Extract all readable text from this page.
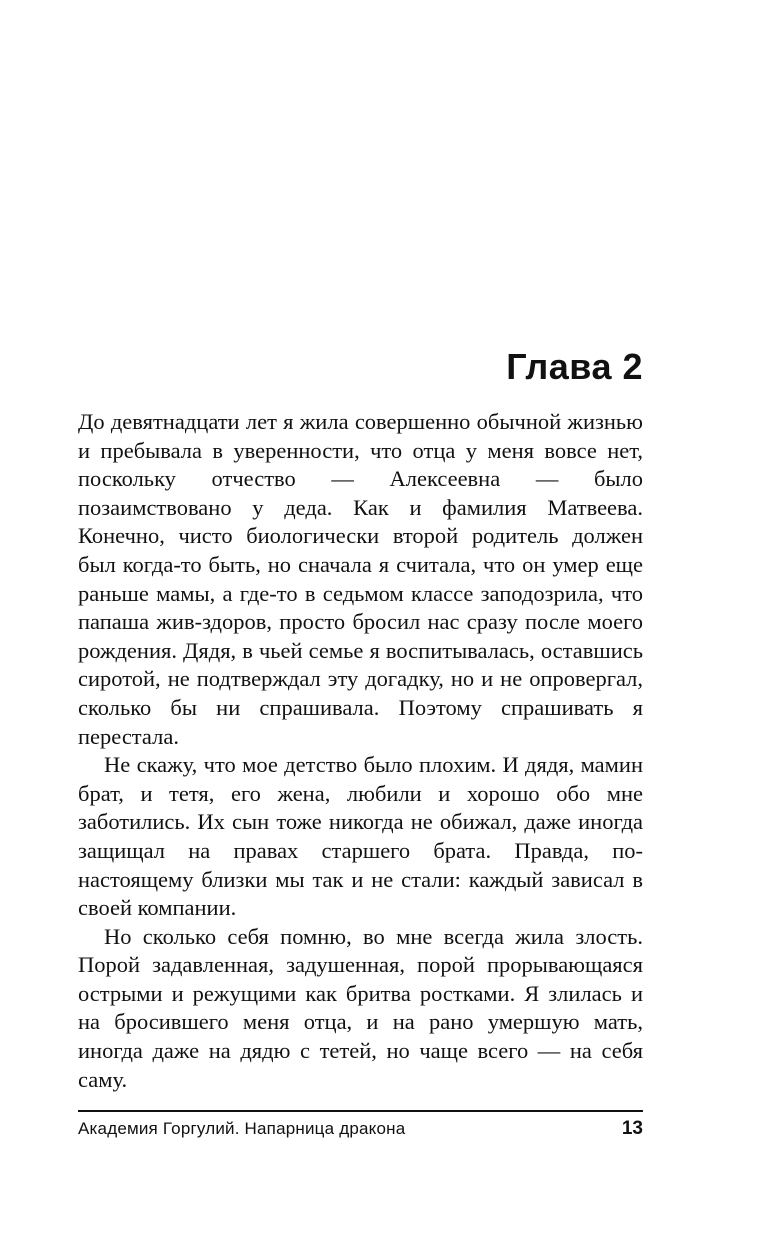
Глава 2

До девятнадцати лет я жила совершенно обычной жизнью и пребывала в уверенности, что отца у меня вовсе нет, поскольку отчество — Алексеевна — было позаимствовано у деда. Как и фамилия Матвеева. Конечно, чисто биологически второй родитель должен был когда-то быть, но сначала я считала, что он умер еще раньше мамы, а где-то в седьмом классе заподозрила, что папаша жив-здоров, просто бросил нас сразу после моего рождения. Дядя, в чьей семье я воспитывалась, оставшись сиротой, не подтверждал эту догадку, но и не опровергал, сколько бы ни спрашивала. Поэтому спрашивать я перестала.

Не скажу, что мое детство было плохим. И дядя, мамин брат, и тетя, его жена, любили и хорошо обо мне заботились. Их сын тоже никогда не обижал, даже иногда защищал на правах старшего брата. Правда, по-настоящему близки мы так и не стали: каждый зависал в своей компании.

Но сколько себя помню, во мне всегда жила злость. Порой задавленная, задушенная, порой прорывающаяся острыми и режущими как бритва ростками. Я злилась и на бросившего меня отца, и на рано умершую мать, иногда даже на дядю с тетей, но чаще всего — на себя саму.

Академия Горгулий. Напарница дракона	13
